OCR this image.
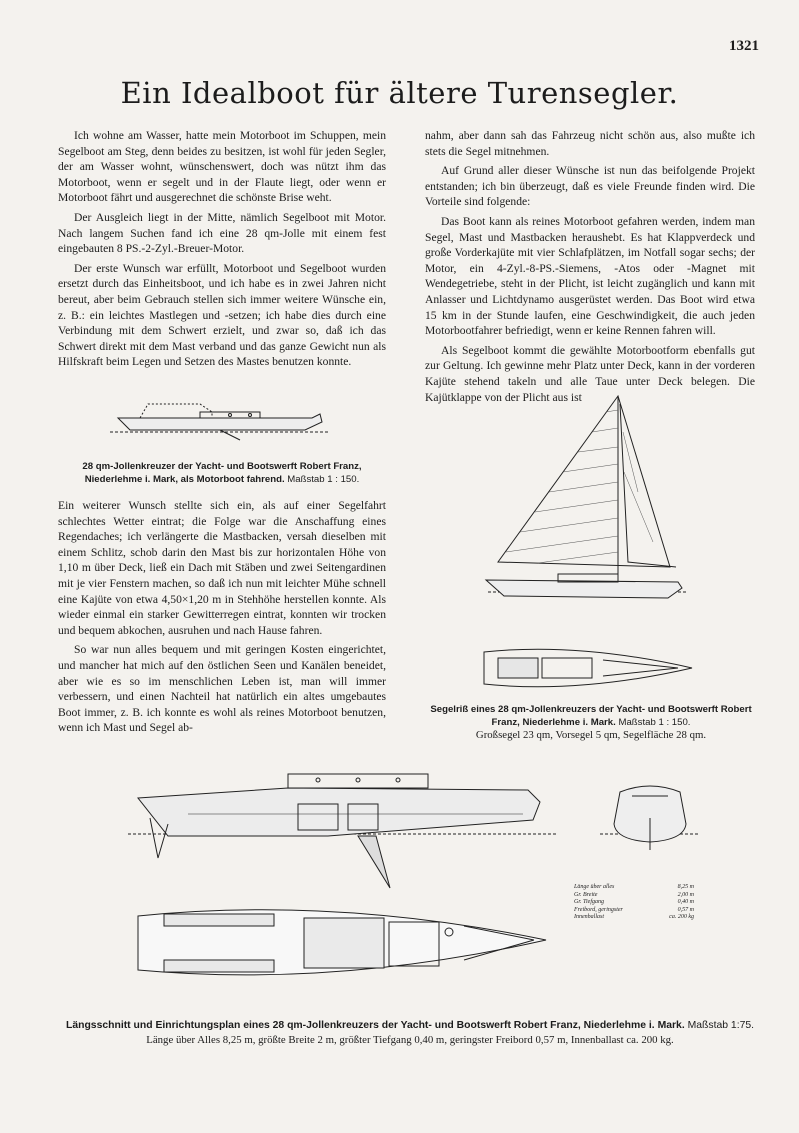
1321
Ein Idealboot für ältere Turensegler.

Ich wohne am Wasser, hatte mein Motorboot im Schuppen, mein Segelboot am Steg, denn beides zu besitzen, ist wohl für jeden Segler, der am Wasser wohnt, wünschenswert, doch was nützt ihm das Motorboot, wenn er segelt und in der Flaute liegt, oder wenn er Motorboot fährt und ausgerechnet die schönste Brise weht.

Der Ausgleich liegt in der Mitte, nämlich Segelboot mit Motor. Nach langem Suchen fand ich eine 28 qm-Jolle mit einem fest eingebauten 8 PS.-2-Zyl.-Breuer-Motor.

Der erste Wunsch war erfüllt, Motorboot und Segelboot wurden ersetzt durch das Einheitsboot, und ich habe es in zwei Jahren nicht bereut, aber beim Gebrauch stellen sich immer weitere Wünsche ein, z. B.: ein leichtes Mastlegen und -setzen; ich habe dies durch eine Verbindung mit dem Schwert erzielt, und zwar so, daß ich das Schwert direkt mit dem Mast verband und das ganze Gewicht nun als Hilfskraft beim Legen und Setzen des Mastes benutzen konnte.

28 qm-Jollenkreuzer der Yacht- und Bootswerft Robert Franz, Niederlehme i. Mark, als Motorboot fahrend. Maßstab 1 : 150.

Ein weiterer Wunsch stellte sich ein, als auf einer Segelfahrt schlechtes Wetter eintrat; die Folge war die Anschaffung eines Regendaches; ich verlängerte die Mastbacken, versah dieselben mit einem Schlitz, schob darin den Mast bis zur horizontalen Höhe von 1,10 m über Deck, ließ ein Dach mit Stäben und zwei Seitengardinen mit je vier Fenstern machen, so daß ich nun mit leichter Mühe schnell eine Kajüte von etwa 4,50×1,20 m in Stehhöhe herstellen konnte. Als wieder einmal ein starker Gewitterregen eintrat, konnten wir trocken und bequem abkochen, ausruhen und nach Hause fahren.

So war nun alles bequem und mit geringen Kosten eingerichtet, und mancher hat mich auf den östlichen Seen und Kanälen beneidet, aber wie es so im menschlichen Leben ist, man will immer verbessern, und einen Nachteil hat natürlich ein altes umgebautes Boot immer, z. B. ich konnte es wohl als reines Motorboot benutzen, wenn ich Mast und Segel ab-

nahm, aber dann sah das Fahrzeug nicht schön aus, also mußte ich stets die Segel mitnehmen.

Auf Grund aller dieser Wünsche ist nun das beifolgende Projekt entstanden; ich bin überzeugt, daß es viele Freunde finden wird. Die Vorteile sind folgende:

Das Boot kann als reines Motorboot gefahren werden, indem man Segel, Mast und Mastbacken heraushebt. Es hat Klappverdeck und große Vorderkajüte mit vier Schlafplätzen, im Notfall sogar sechs; der Motor, ein 4-Zyl.-8-PS.-Siemens, -Atos oder -Magnet mit Wendegetriebe, steht in der Plicht, ist leicht zugänglich und kann mit Anlasser und Lichtdynamo ausgerüstet werden. Das Boot wird etwa 15 km in der Stunde laufen, eine Geschwindigkeit, die auch jeden Motorbootfahrer befriedigt, wenn er keine Rennen fahren will.

Als Segelboot kommt die gewählte Motorbootform ebenfalls gut zur Geltung. Ich gewinne mehr Platz unter Deck, kann in der vorderen Kajüte stehend takeln und alle Taue unter Deck belegen. Die Kajütklappe von der Plicht aus ist

Segelriß eines 28 qm-Jollenkreuzers der Yacht- und Bootswerft Robert Franz, Niederlehme i. Mark. Maßstab 1 : 150.
Großsegel 23 qm, Vorsegel 5 qm, Segelfläche 28 qm.
Länge über alles	8,25 m
Gr. Breite	2,00 m
Gr. Tiefgang	0,40 m
Freibord, geringster	0,57 m
Innenballast	ca. 200 kg
Längsschnitt und Einrichtungsplan eines 28 qm-Jollenkreuzers der Yacht- und Bootswerft Robert Franz, Niederlehme i. Mark. Maßstab 1:75.
Länge über Alles 8,25 m, größte Breite 2 m, größter Tiefgang 0,40 m, geringster Freibord 0,57 m, Innenballast ca. 200 kg.
